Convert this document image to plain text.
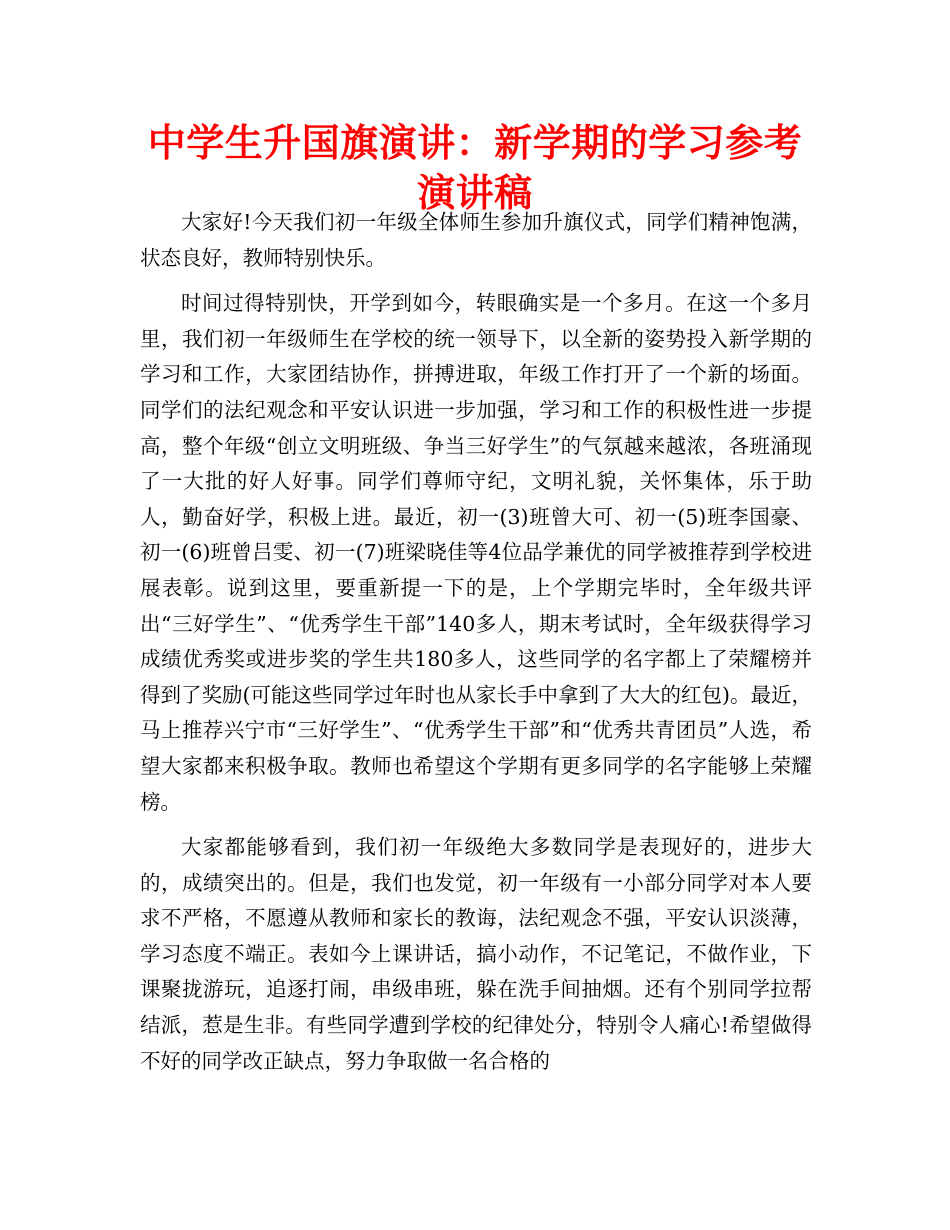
中学生升国旗演讲：新学期的学习参考演讲稿

大家好!今天我们初一年级全体师生参加升旗仪式，同学们精神饱满，状态良好，教师特别快乐。

时间过得特别快，开学到如今，转眼确实是一个多月。在这一个多月里，我们初一年级师生在学校的统一领导下，以全新的姿势投入新学期的学习和工作，大家团结协作，拼搏进取，年级工作打开了一个新的场面。同学们的法纪观念和平安认识进一步加强，学习和工作的积极性进一步提高，整个年级“创立文明班级、争当三好学生”的气氛越来越浓，各班涌现了一大批的好人好事。同学们尊师守纪，文明礼貌，关怀集体，乐于助人，勤奋好学，积极上进。最近，初一(3)班曾大可、初一(5)班李国豪、初一(6)班曾吕雯、初一(7)班梁晓佳等4位品学兼优的同学被推荐到学校进展表彰。说到这里，要重新提一下的是，上个学期完毕时，全年级共评出“三好学生”、“优秀学生干部”140多人，期末考试时，全年级获得学习成绩优秀奖或进步奖的学生共180多人，这些同学的名字都上了荣耀榜并得到了奖励(可能这些同学过年时也从家长手中拿到了大大的红包)。最近，马上推荐兴宁市“三好学生”、“优秀学生干部”和“优秀共青团员”人选，希望大家都来积极争取。教师也希望这个学期有更多同学的名字能够上荣耀榜。

大家都能够看到，我们初一年级绝大多数同学是表现好的，进步大的，成绩突出的。但是，我们也发觉，初一年级有一小部分同学对本人要求不严格，不愿遵从教师和家长的教诲，法纪观念不强，平安认识淡薄，学习态度不端正。表如今上课讲话，搞小动作，不记笔记，不做作业，下课聚拢游玩，追逐打闹，串级串班，躲在洗手间抽烟。还有个别同学拉帮结派，惹是生非。有些同学遭到学校的纪律处分，特别令人痛心!希望做得不好的同学改正缺点，努力争取做一名合格的
